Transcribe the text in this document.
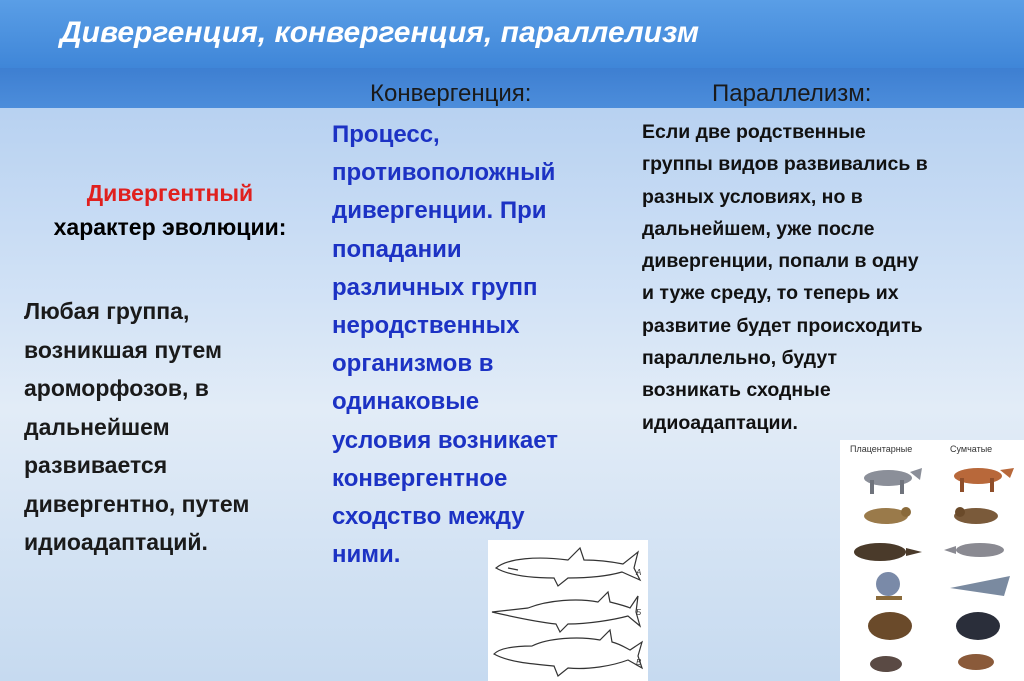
Дивергенция, конвергенция, параллелизм
Конвергенция:	Параллелизм:
Дивергентный
характер эволюции:
Любая группа,
возникшая путем
ароморфозов, в
дальнейшем
развивается
дивергентно, путем
идиоадаптаций.
Процесс,
противоположный
дивергенции. При
попадании
различных групп
неродственных
организмов в
одинаковые
условия возникает
конвергентное
сходство между
ними.
Если две родственные
группы видов развивались в
разных условиях, но в
дальнейшем, уже после
дивергенции, попали в одну
и туже среду, то теперь их
развитие будет происходить
параллельно, будут
возникать сходные
идиоадаптации.
А
Б
В
Плацентарные	Сумчатые
